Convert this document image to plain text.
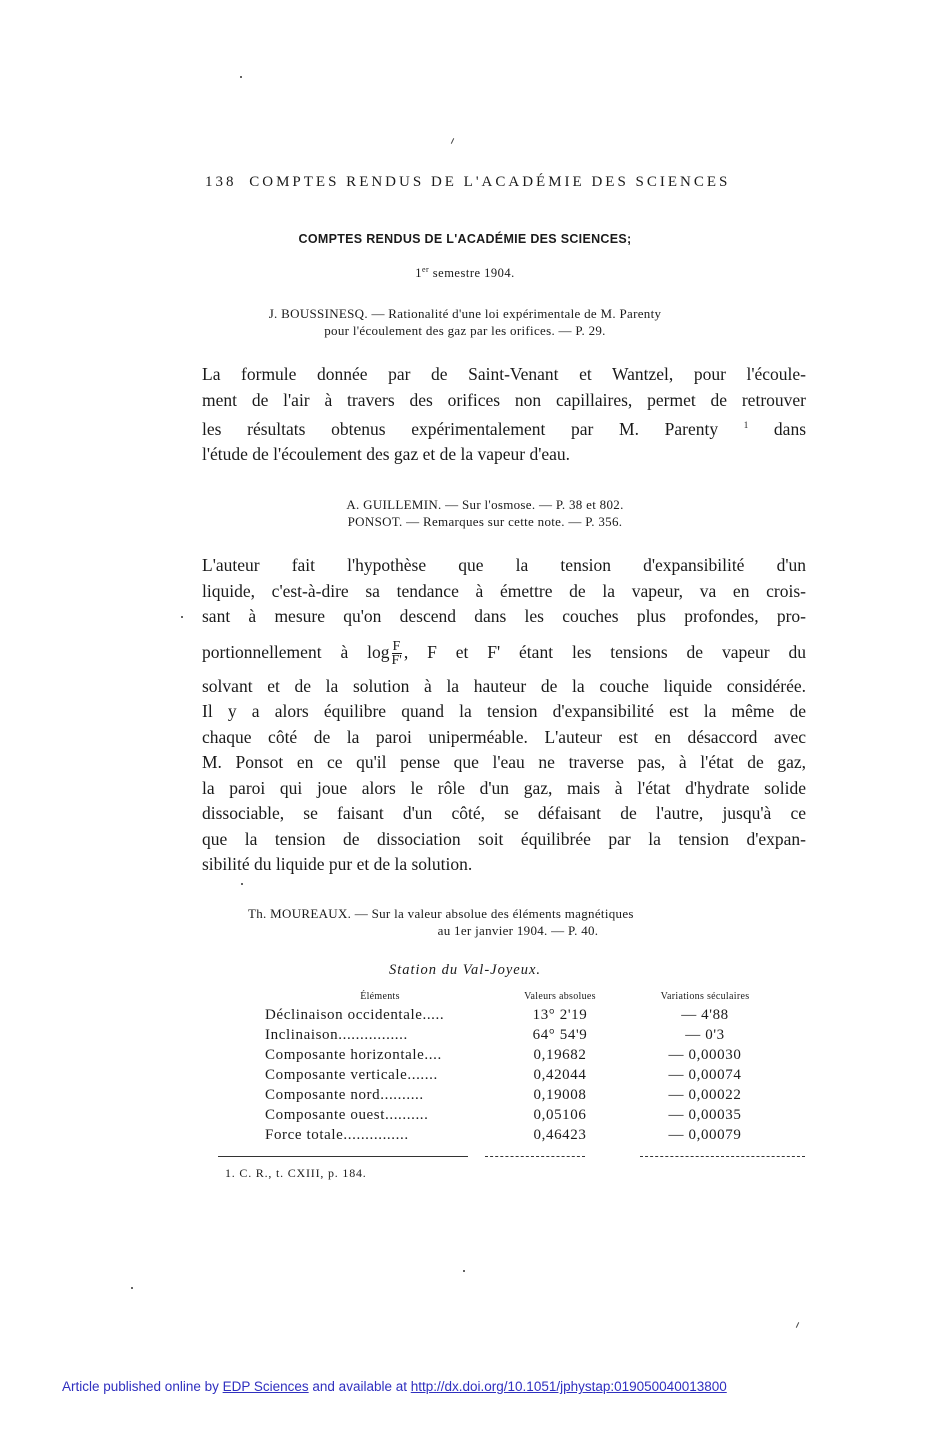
138 COMPTES RENDUS DE L'ACADÉMIE DES SCIENCES
COMPTES RENDUS DE L'ACADÉMIE DES SCIENCES;
1er semestre 1904.
J. BOUSSINESQ. — Rationalité d'une loi expérimentale de M. Parenty
pour l'écoulement des gaz par les orifices. — P. 29.
La formule donnée par de Saint-Venant et Wantzel, pour l'écoule-
ment de l'air à travers des orifices non capillaires, permet de retrouver
les résultats obtenus expérimentalement par M. Parenty	$^1$ dans
l'étude de l'écoulement des gaz et de la vapeur d'eau.
A. GUILLEMIN. — Sur l'osmose. — P. 38 et 802.
PONSOT. — Remarques sur cette note. — P. 356.
L'auteur fait l'hypothèse que la tension d'expansibilité d'un
liquide, c'est-à-dire sa tendance à émettre de la vapeur, va en crois-
sant à mesure qu'on descend dans les couches plus profondes, pro-
portionnellement à $\log \frac{F}{F'}$ , F et F' étant les tensions de vapeur du
solvant et de la solution à la hauteur de la couche liquide considérée.
Il y a alors équilibre quand la tension d'expansibilité est la même de
chaque côté de la paroi uniperméable. L'auteur est en désaccord avec
M. Ponsot en ce qu'il pense que l'eau ne traverse pas, à l'état de gaz,
la paroi qui joue alors le rôle d'un gaz, mais à l'état d'hydrate solide
dissociable, se faisant d'un côté, se défaisant de l'autre, jusqu'à ce
que la tension de dissociation soit équilibrée par la tension d'expan-
sibilité du liquide pur et de la solution.
Th. MOUREAUX. — Sur la valeur absolue des éléments magnétiques
au 1er janvier 1904. — P. 40.
Station du Val-Joyeux.
Éléments	Valeurs absolues	Variations séculaires
Déclinaison occidentale.....	13° 2'19	— 4'88
Inclinaison................	64° 54'9	— 0'3
Composante horizontale....	0,19682	— 0,00030
Composante verticale.......	0,42044	— 0,00074
Composante nord..........	0,19008	— 0,00022
Composante ouest..........	0,05106	— 0,00035
Force totale...............	0,46423	— 0,00079
1. C. R., t. CXIII, p. 184.
Article published online by EDP Sciences and available at http://dx.doi.org/10.1051/jphystap:019050040013800
